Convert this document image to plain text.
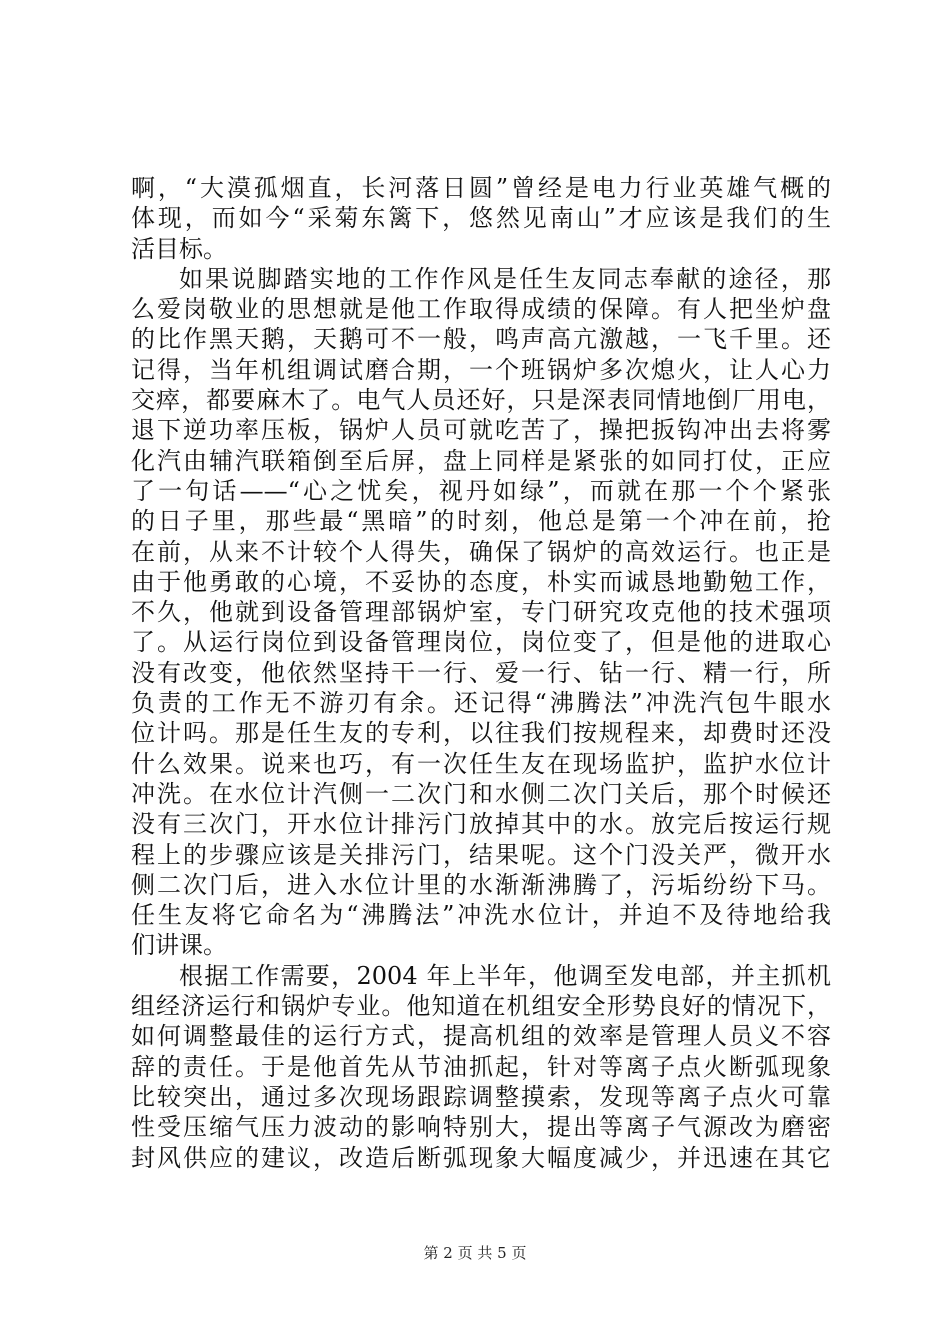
啊，“大漠孤烟直，长河落日圆”曾经是电力行业英雄气概的
体现，而如今“采菊东篱下，悠然见南山”才应该是我们的生
活目标。
如果说脚踏实地的工作作风是任生友同志奉献的途径，那
么爱岗敬业的思想就是他工作取得成绩的保障。有人把坐炉盘
的比作黑天鹅，天鹅可不一般，鸣声高亢激越，一飞千里。还
记得，当年机组调试磨合期，一个班锅炉多次熄火，让人心力
交瘁，都要麻木了。电气人员还好，只是深表同情地倒厂用电，
退下逆功率压板，锅炉人员可就吃苦了，操把扳钩冲出去将雾
化汽由辅汽联箱倒至后屏，盘上同样是紧张的如同打仗，正应
了一句话——“心之忧矣，视丹如绿”，而就在那一个个紧张
的日子里，那些最“黑暗”的时刻，他总是第一个冲在前，抢
在前，从来不计较个人得失，确保了锅炉的高效运行。也正是
由于他勇敢的心境，不妥协的态度，朴实而诚恳地勤勉工作，
不久，他就到设备管理部锅炉室，专门研究攻克他的技术强项
了。从运行岗位到设备管理岗位，岗位变了，但是他的进取心
没有改变，他依然坚持干一行、爱一行、钻一行、精一行，所
负责的工作无不游刃有余。还记得“沸腾法”冲洗汽包牛眼水
位计吗。那是任生友的专利，以往我们按规程来，却费时还没
什么效果。说来也巧，有一次任生友在现场监护，监护水位计
冲洗。在水位计汽侧一二次门和水侧二次门关后，那个时候还
没有三次门，开水位计排污门放掉其中的水。放完后按运行规
程上的步骤应该是关排污门，结果呢。这个门没关严，微开水
侧二次门后，进入水位计里的水渐渐沸腾了，污垢纷纷下马。
任生友将它命名为“沸腾法”冲洗水位计，并迫不及待地给我
们讲课。
根据工作需要，2004 年上半年，他调至发电部，并主抓机
组经济运行和锅炉专业。他知道在机组安全形势良好的情况下，
如何调整最佳的运行方式，提高机组的效率是管理人员义不容
辞的责任。于是他首先从节油抓起，针对等离子点火断弧现象
比较突出，通过多次现场跟踪调整摸索，发现等离子点火可靠
性受压缩气压力波动的影响特别大，提出等离子气源改为磨密
封风供应的建议，改造后断弧现象大幅度减少，并迅速在其它
第 2 页 共 5 页
